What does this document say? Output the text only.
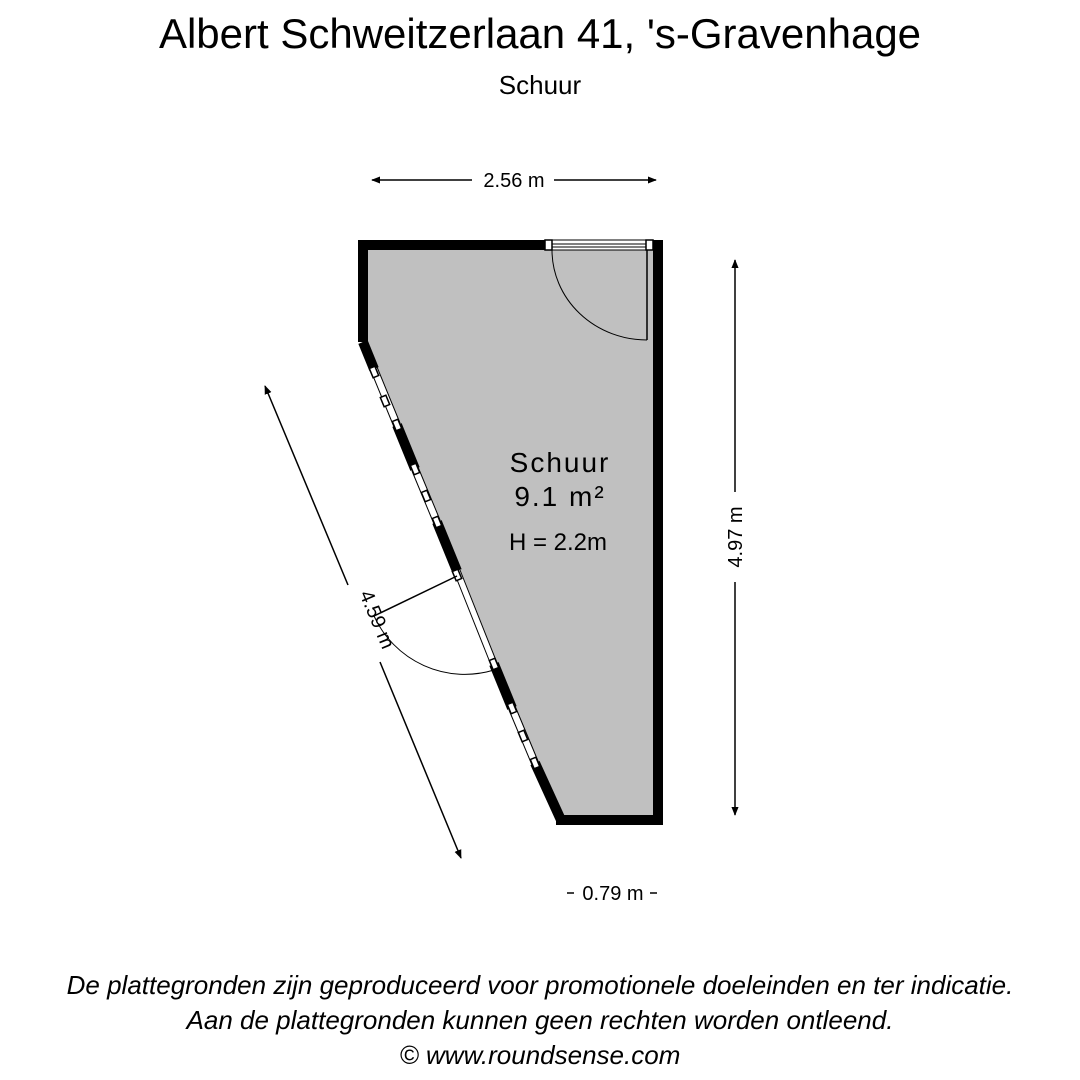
Albert Schweitzerlaan 41, 's-Gravenhage
Schuur
Schuur
9.1 m²
H = 2.2m
2.56 m
4.97 m
4.59 m
0.79 m
De plattegronden zijn geproduceerd voor promotionele doeleinden en ter indicatie.
Aan de plattegronden kunnen geen rechten worden ontleend.
© www.roundsense.com
